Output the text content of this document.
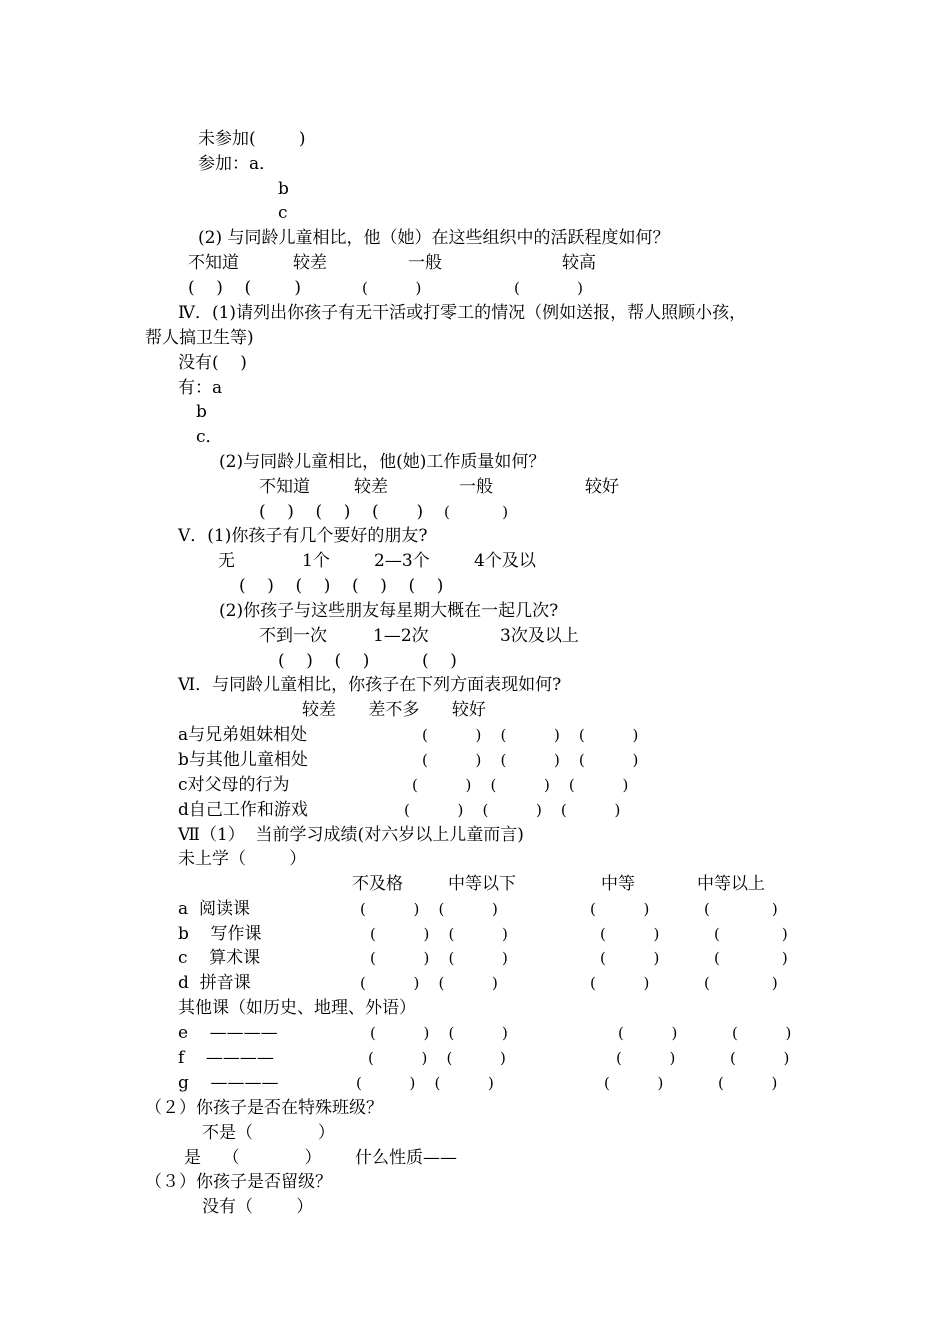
未参加(        )
参加：a．
b
c
(2) 与同龄儿童相比，他（她）在这些组织中的活跃程度如何？
不知道	较差	一般	较高
(    )    (        )	(          )	(            )
Ⅳ．(1)请列出你孩子有无干活或打零工的情况（例如送报，帮人照顾小孩，
帮人搞卫生等)
没有(    )
有：a
b
c．
(2)与同龄儿童相比，他(她)工作质量如何？
不知道	较差	一般	较好
(    )    (    )    (       ) (           )
Ⅴ．(1)你孩子有几个要好的朋友?
无	1个	2—3个	4个及以
(    )    (    )    (    )    (    )
(2)你孩子与这些朋友每星期大概在一起几次?
不到一次	1—2次	3次及以上
(    )    (    )	(    )
Ⅵ．与同龄儿童相比，你孩子在下列方面表现如何?
较差      差不多      较好
a与兄弟姐妹相处	(          )    (          )    (          )
b与其他儿童相处	(          )    (          )    (          )
c对父母的行为	(          )    (          )    (          )
d自己工作和游戏	(          )    (          )    (          )
Ⅶ（1）  当前学习成绩(对六岁以上儿童而言)
未上学（        ）
不及格	中等以下	中等	中等以上
a  阅读课	(          )    (          )	(          )	(             )
b    写作课	(          )    (          )	(          )	(             )
c    算术课	(          )    (          )	(          )	(             )
d  拼音课	(          )    (          )	(          )	(             )
其他课（如历史、地理、外语）
e    ————	(          )    (          )	(          )	(          )
f    ————	(          )    (          )	(          )	(          )
g    ————	(          )    (          )	(          )	(          )
（２）你孩子是否在特殊班级？
不是（            ）
是    （            ） 什么性质——
（３）你孩子是否留级？
没有（        ）
